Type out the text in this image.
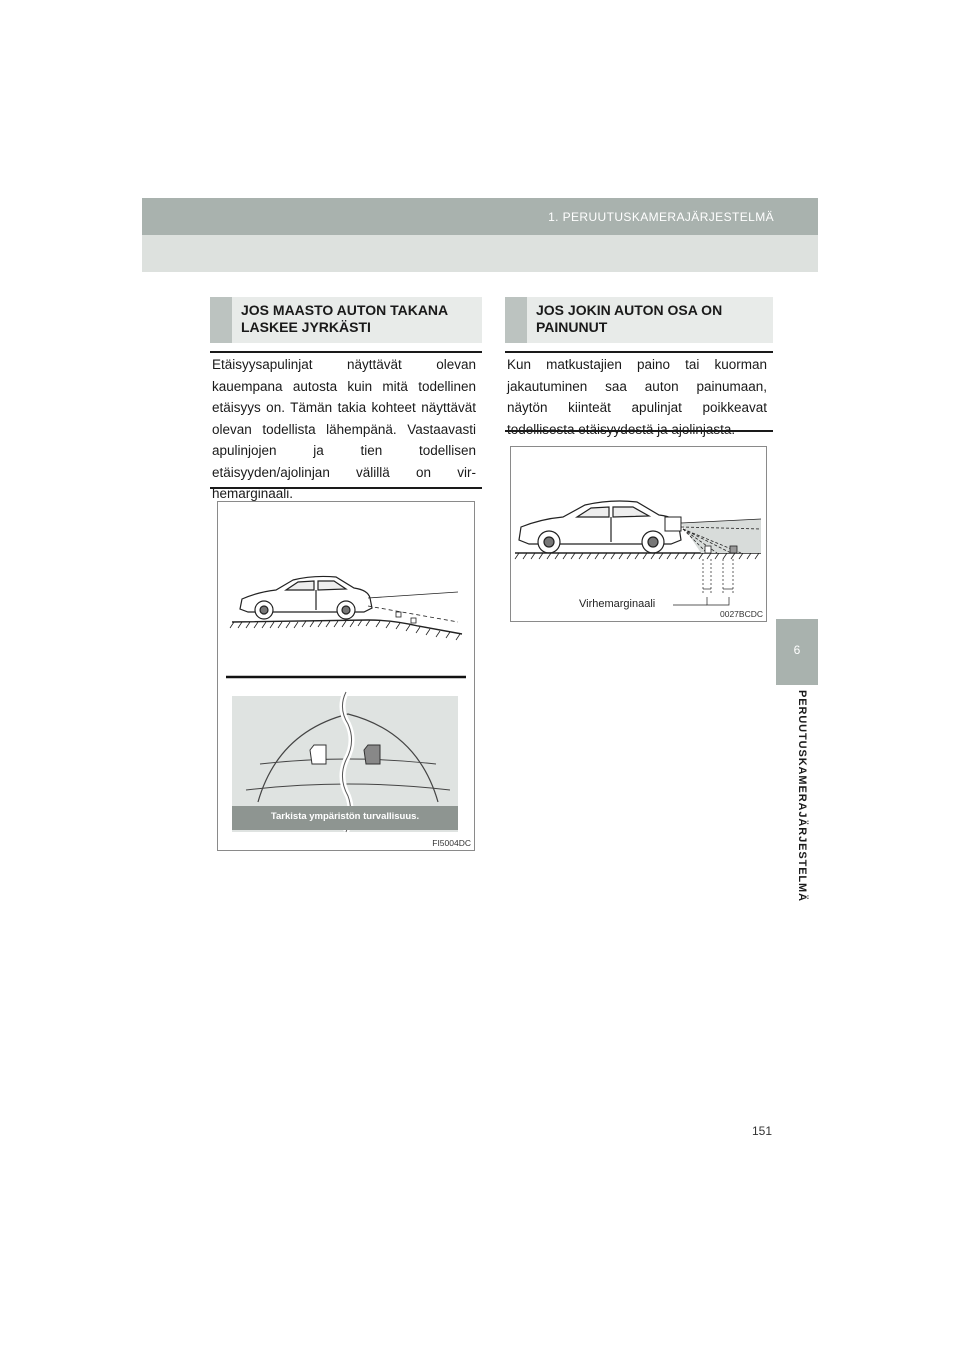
1. PERUUTUSKAMERAJÄRJESTELMÄ
6
PERUUTUSKAMERAJÄRJESTELMÄ
JOS MAASTO AUTON TAKANA
LASKEE JYRKÄSTI
Etäisyysapulinjat näyttävät olevan kauempana autosta kuin mitä todellinen etäisyys on. Tämän takia kohteet näyttävät olevan todellista lähempänä. Vastaavasti apulinjojen ja tien todellisen etäisyyden/ajolinjan välillä on virhemarginaali.
Tarkista ympäristön turvallisuus.
FI5004DC
JOS JOKIN AUTON OSA ON
PAINUNUT
Kun matkustajien paino tai kuorman jakautuminen saa auton painumaan, näytön kiinteät apulinjat poikkeavat todellisesta etäisyydestä ja ajolinjasta.
Virhemarginaali
0027BCDC
151
